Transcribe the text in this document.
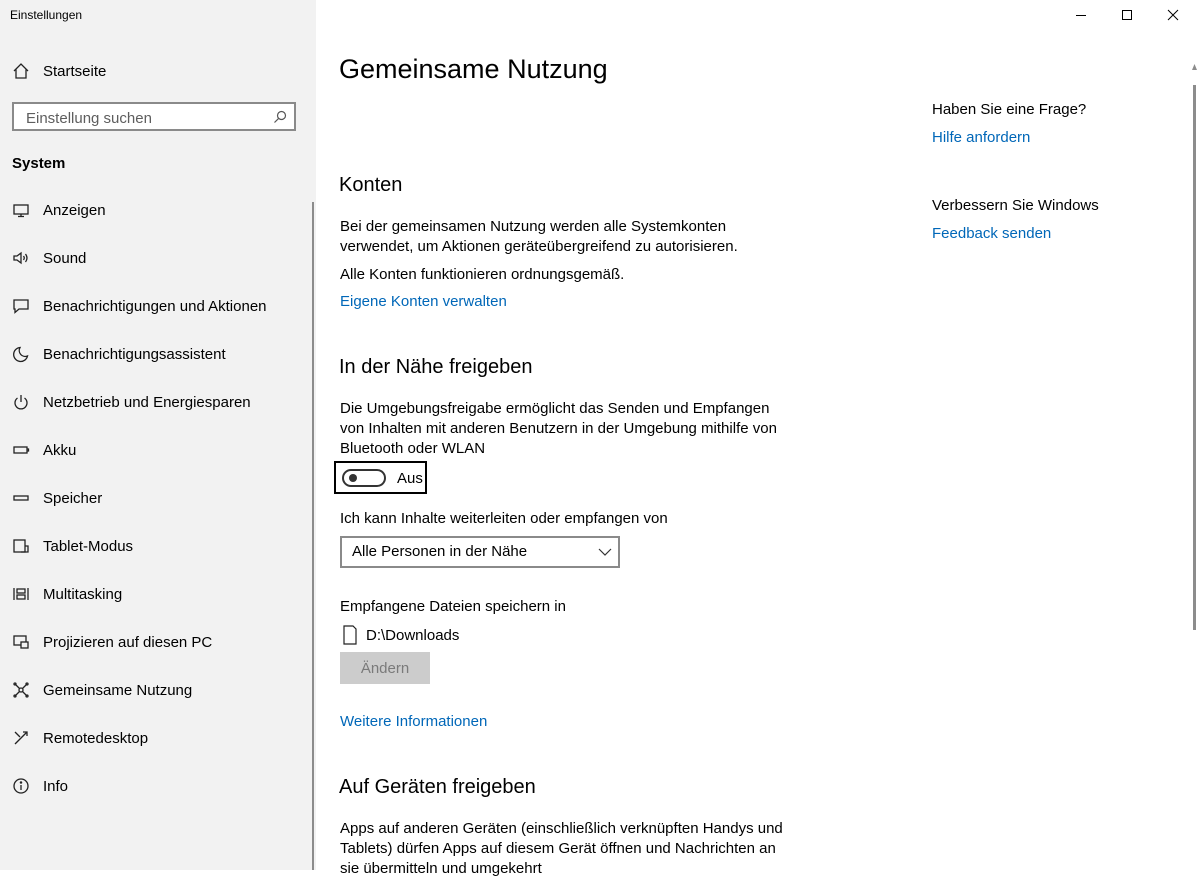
Einstellungen
Startseite
Einstellung suchen
System
Anzeigen
Sound
Benachrichtigungen und Aktionen
Benachrichtigungsassistent
Netzbetrieb und Energiesparen
Akku
Speicher
Tablet-Modus
Multitasking
Projizieren auf diesen PC
Gemeinsame Nutzung
Remotedesktop
Info
Gemeinsame Nutzung
Konten
Bei der gemeinsamen Nutzung werden alle Systemkonten verwendet, um Aktionen geräteübergreifend zu autorisieren.
Alle Konten funktionieren ordnungsgemäß.
Eigene Konten verwalten
In der Nähe freigeben
Die Umgebungsfreigabe ermöglicht das Senden und Empfangen von Inhalten mit anderen Benutzern in der Umgebung mithilfe von Bluetooth oder WLAN
Aus
Ich kann Inhalte weiterleiten oder empfangen von
Alle Personen in der Nähe
Empfangene Dateien speichern in
D:\Downloads
Ändern
Weitere Informationen
Auf Geräten freigeben
Apps auf anderen Geräten (einschließlich verknüpften Handys und Tablets) dürfen Apps auf diesem Gerät öffnen und Nachrichten an sie übermitteln und umgekehrt
Haben Sie eine Frage?
Hilfe anfordern
Verbessern Sie Windows
Feedback senden
